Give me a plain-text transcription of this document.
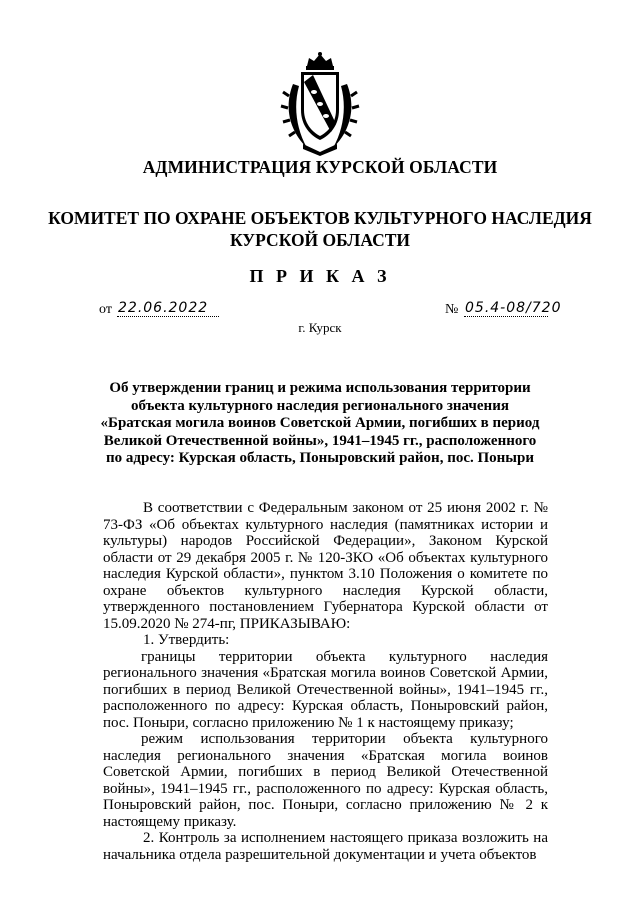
АДМИНИСТРАЦИЯ КУРСКОЙ ОБЛАСТИ
КОМИТЕТ ПО ОХРАНЕ ОБЪЕКТОВ КУЛЬТУРНОГО НАСЛЕДИЯ
КУРСКОЙ ОБЛАСТИ
П Р И К А З
от 22.06.2022	№ 05.4-08/720
г. Курск
Об утверждении границ и режима использования территории
объекта культурного наследия регионального значения
«Братская могила воинов Советской Армии, погибших в период
Великой Отечественной войны», 1941–1945 гг., расположенного
по адресу: Курская область, Поныровский район, пос. Поныри

В соответствии с Федеральным законом от 25 июня 2002 г. № 73-ФЗ «Об объектах культурного наследия (памятниках истории и культуры) народов Российской Федерации», Законом Курской области от 29 декабря 2005 г. № 120-ЗКО «Об объектах культурного наследия Курской области», пунктом 3.10 Положения о комитете по охране объектов культурного наследия Курской области, утвержденного постановлением Губернатора Курской области от 15.09.2020 № 274-пг, ПРИКАЗЫВАЮ:

1. Утвердить:

границы территории объекта культурного наследия регионального значения «Братская могила воинов Советской Армии, погибших в период Великой Отечественной войны», 1941–1945 гг., расположенного по адресу: Курская область, Поныровский район, пос. Поныри, согласно приложению № 1 к настоящему приказу;

режим использования территории объекта культурного наследия регионального значения «Братская могила воинов Советской Армии, погибших в период Великой Отечественной войны», 1941–1945 гг., расположенного по адресу: Курская область, Поныровский район, пос. Поныри, согласно приложению № 2 к настоящему приказу.

2. Контроль за исполнением настоящего приказа возложить на начальника отдела разрешительной документации и учета объектов
